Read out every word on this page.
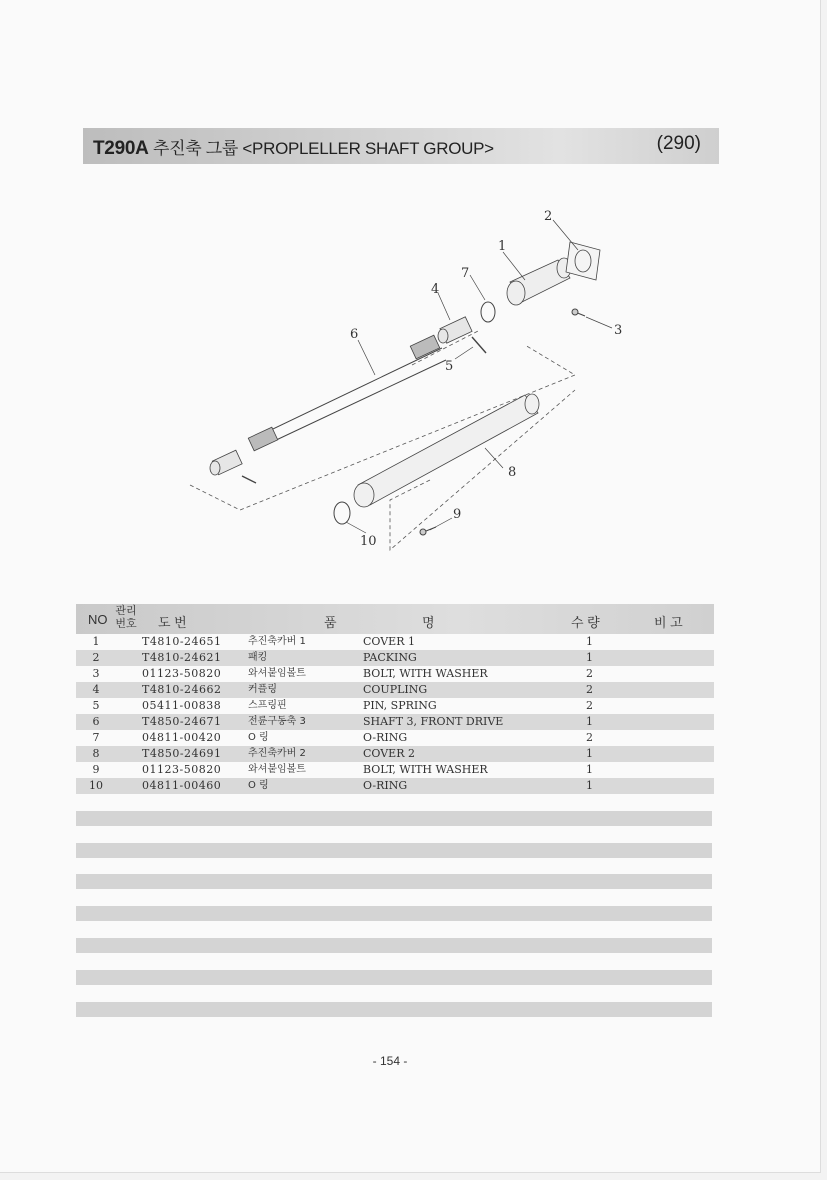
T290A 추진축 그룹 <PROPLELLER SHAFT GROUP>	(290)
1
2
3
4
5
6
7
8
9
10
NO
관리 번호 도 번	품	명	수 량	비 고
1	T4810-24651	추진축카버 1	COVER 1	1
2	T4810-24621	패킹	PACKING	1
3	01123-50820	와셔붙임볼트	BOLT, WITH WASHER	2
4	T4810-24662	커플링	COUPLING	2
5	05411-00838	스프링핀	PIN, SPRING	2
6	T4850-24671	전륜구동축 3	SHAFT 3, FRONT DRIVE	1
7	04811-00420	O 링	O-RING	2
8	T4850-24691	추진축카버 2	COVER 2	1
9	01123-50820	와셔붙임볼트	BOLT, WITH WASHER	1
10	04811-00460	O 링	O-RING	1
- 154 -
